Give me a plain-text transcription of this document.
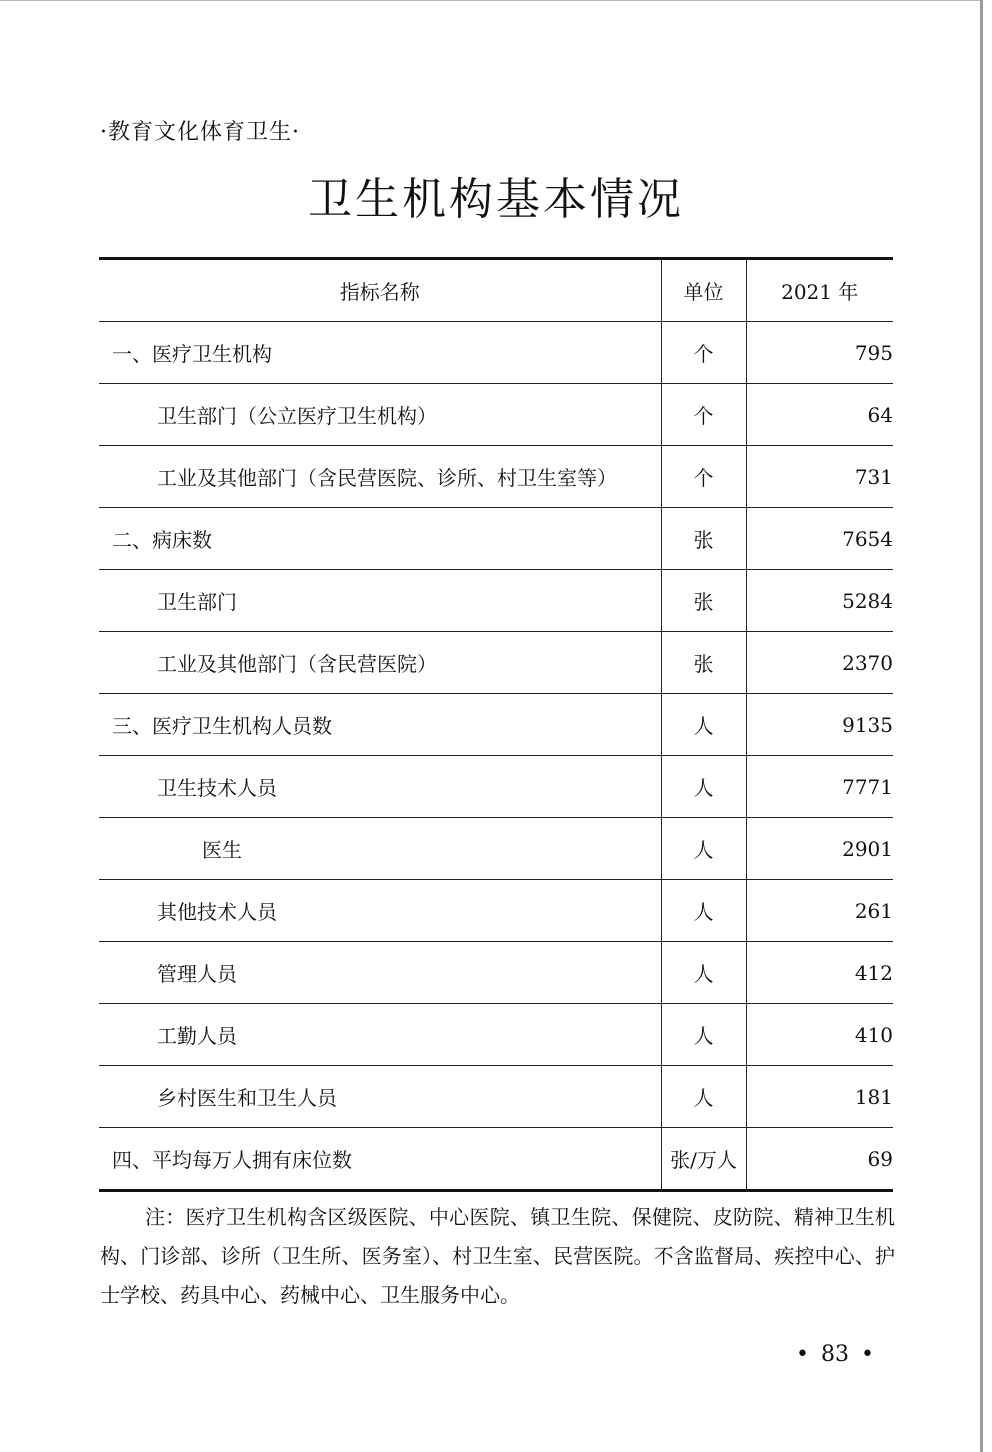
·教育文化体育卫生·
卫生机构基本情况
指标名称	单位	2021 年
一、医疗卫生机构	个	795
卫生部门（公立医疗卫生机构）	个	64
工业及其他部门（含民营医院、诊所、村卫生室等）	个	731
二、病床数	张	7654
卫生部门	张	5284
工业及其他部门（含民营医院）	张	2370
三、医疗卫生机构人员数	人	9135
卫生技术人员	人	7771
医生	人	2901
其他技术人员	人	261
管理人员	人	412
工勤人员	人	410
乡村医生和卫生人员	人	181
四、平均每万人拥有床位数	张/万人	69
注：医疗卫生机构含区级医院、中心医院、镇卫生院、保健院、皮防院、精神卫生机构、门诊部、诊所（卫生所、医务室）、村卫生室、民营医院。不含监督局、疾控中心、护士学校、药具中心、药械中心、卫生服务中心。
• 83 •
